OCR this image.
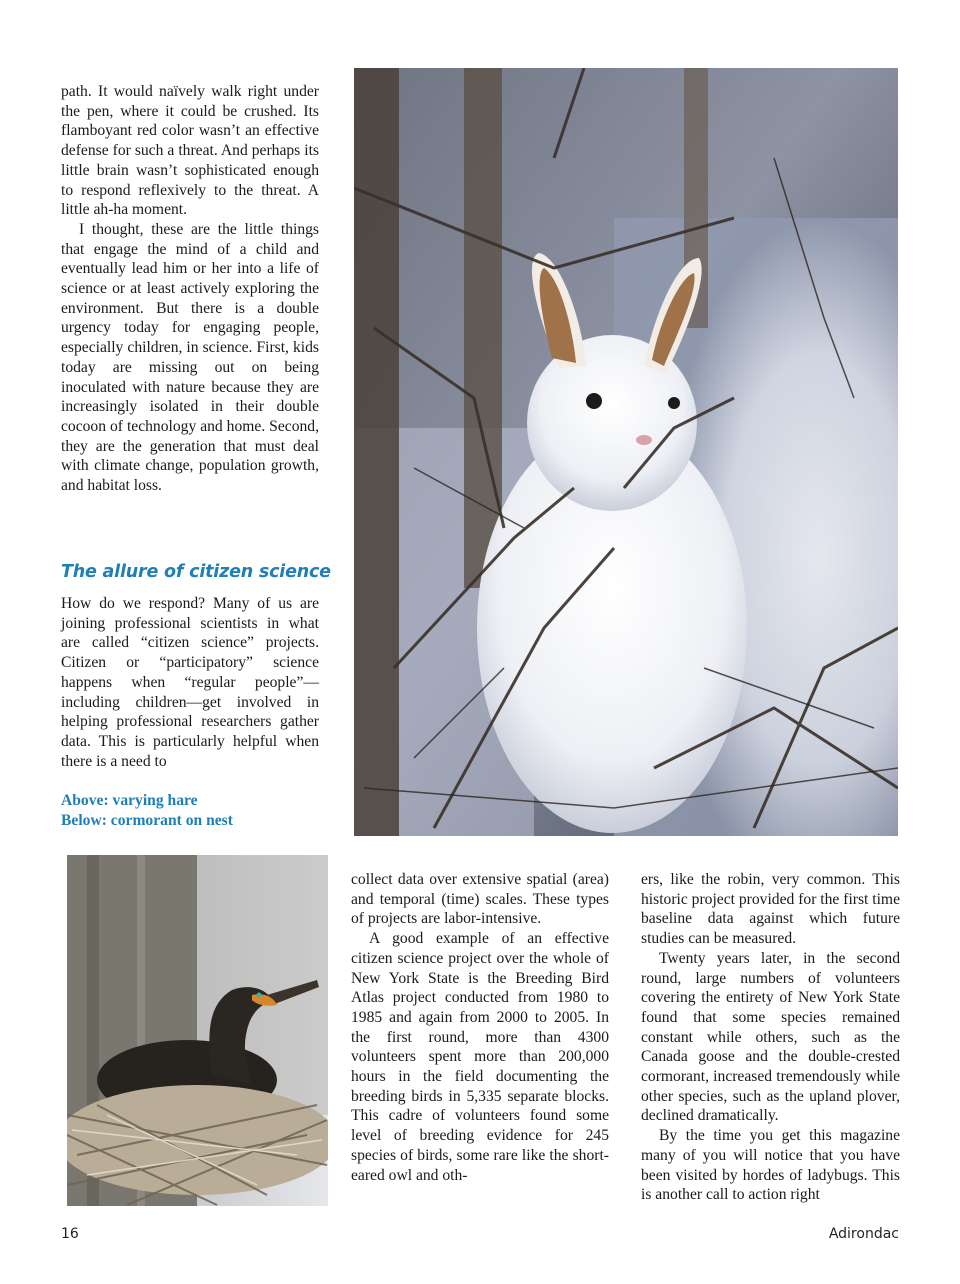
path. It would naïvely walk right under the pen, where it could be crushed. Its flamboyant red color wasn’t an effective defense for such a threat. And perhaps its little brain wasn’t sophisticated enough to respond reflexively to the threat. A little ah-ha moment.

I thought, these are the little things that engage the mind of a child and eventually lead him or her into a life of science or at least actively exploring the environment. But there is a double urgency today for engaging people, especially children, in science. First, kids today are missing out on being inoculated with nature because they are increasingly isolated in their double cocoon of technology and home. Second, they are the generation that must deal with climate change, population growth, and habitat loss.

The allure of citizen science

How do we respond? Many of us are joining professional scientists in what are called “citizen science” projects. Citizen or “participatory” science happens when “regular people”—including children—get involved in helping professional researchers gather data. This is particularly helpful when there is a need to

Above: varying hare
Below: cormorant on nest

collect data over extensive spatial (area) and temporal (time) scales. These types of projects are labor-intensive.

A good example of an effective citizen science project over the whole of New York State is the Breeding Bird Atlas project conducted from 1980 to 1985 and again from 2000 to 2005. In the first round, more than 4300 volunteers spent more than 200,000 hours in the field documenting the breeding birds in 5,335 separate blocks. This cadre of volunteers found some level of breeding evidence for 245 species of birds, some rare like the short-eared owl and oth-

ers, like the robin, very common. This historic project provided for the first time baseline data against which future studies can be measured.

Twenty years later, in the second round, large numbers of volunteers covering the entirety of New York State found that some species remained constant while others, such as the Canada goose and the double-crested cormorant, increased tremendously while other species, such as the upland plover, declined dramatically.

By the time you get this magazine many of you will notice that you have been visited by hordes of ladybugs. This is another call to action right

16	Adirondac
